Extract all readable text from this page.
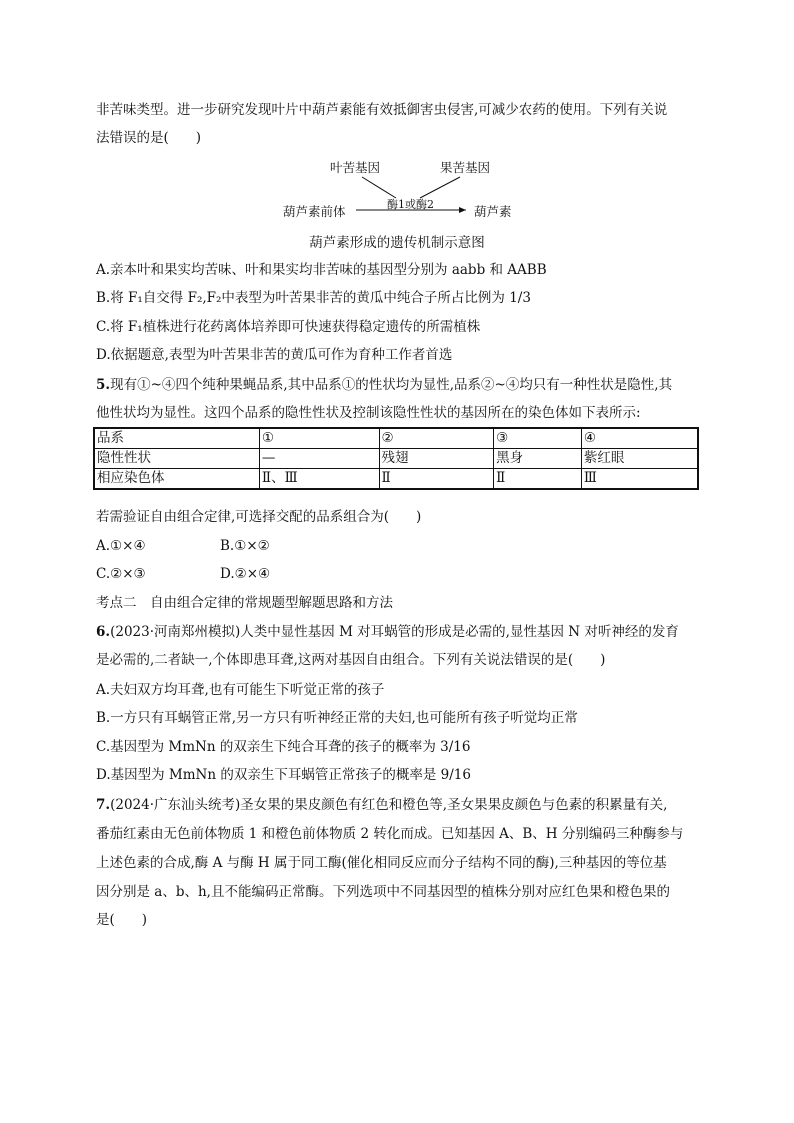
非苦味类型。进一步研究发现叶片中葫芦素能有效抵御害虫侵害,可减少农药的使用。下列有关说
法错误的是(　　)
叶苦基因	果苦基因
酶1或酶2
葫芦素前体	葫芦素
葫芦素形成的遗传机制示意图
A.亲本叶和果实均苦味、叶和果实均非苦味的基因型分别为 aabb 和 AABB
B.将 F₁自交得 F₂,F₂中表型为叶苦果非苦的黄瓜中纯合子所占比例为 1/3
C.将 F₁植株进行花药离体培养即可快速获得稳定遗传的所需植株
D.依据题意,表型为叶苦果非苦的黄瓜可作为育种工作者首选
5.现有①~④四个纯种果蝇品系,其中品系①的性状均为显性,品系②~④均只有一种性状是隐性,其
他性状均为显性。这四个品系的隐性性状及控制该隐性性状的基因所在的染色体如下表所示:
品系	①	②	③	④
隐性性状	—	残翅	黑身	紫红眼
相应染色体	Ⅱ、Ⅲ	Ⅱ	Ⅱ	Ⅲ
若需验证自由组合定律,可选择交配的品系组合为(　　)
A.①×④	B.①×②
C.②×③	D.②×④
考点二　自由组合定律的常规题型解题思路和方法
6.(2023·河南郑州模拟)人类中显性基因 M 对耳蜗管的形成是必需的,显性基因 N 对听神经的发育
是必需的,二者缺一,个体即患耳聋,这两对基因自由组合。下列有关说法错误的是(　　)
A.夫妇双方均耳聋,也有可能生下听觉正常的孩子
B.一方只有耳蜗管正常,另一方只有听神经正常的夫妇,也可能所有孩子听觉均正常
C.基因型为 MmNn 的双亲生下纯合耳聋的孩子的概率为 3/16
D.基因型为 MmNn 的双亲生下耳蜗管正常孩子的概率是 9/16
7.(2024·广东汕头统考)圣女果的果皮颜色有红色和橙色等,圣女果果皮颜色与色素的积累量有关,
番茄红素由无色前体物质 1 和橙色前体物质 2 转化而成。已知基因 A、B、H 分别编码三种酶参与
上述色素的合成,酶 A 与酶 H 属于同工酶(催化相同反应而分子结构不同的酶),三种基因的等位基
因分别是 a、b、h,且不能编码正常酶。下列选项中不同基因型的植株分别对应红色果和橙色果的
是(　　)
